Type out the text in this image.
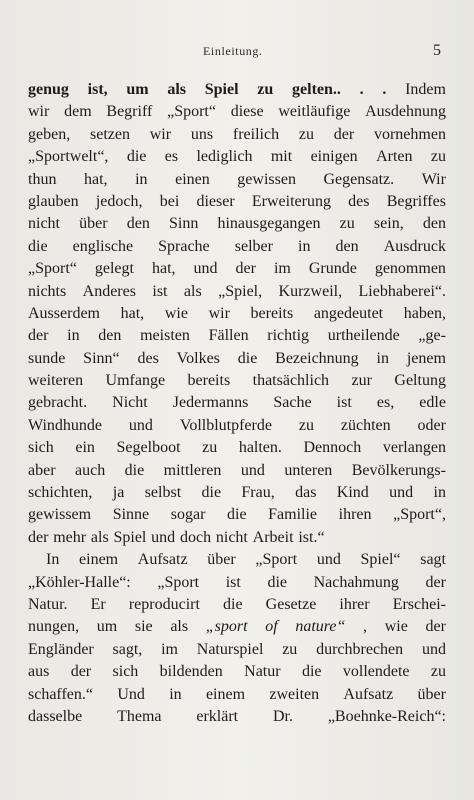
Einleitung.	5
genug ist, um als Spiel zu gelten.. . . Indem
wir dem Begriff „Sport“ diese weitläufige Ausdehnung
geben, setzen wir uns freilich zu der vornehmen
„Sportwelt“, die es lediglich mit einigen Arten zu
thun hat, in einen gewissen Gegensatz. Wir
glauben jedoch, bei dieser Erweiterung des Begriffes
nicht über den Sinn hinausgegangen zu sein, den
die englische Sprache selber in den Ausdruck
„Sport“ gelegt hat, und der im Grunde genommen
nichts Anderes ist als „Spiel, Kurzweil, Liebhaberei“.
Ausserdem hat, wie wir bereits angedeutet haben,
der in den meisten Fällen richtig urtheilende „ge-
sunde Sinn“ des Volkes die Bezeichnung in jenem
weiteren Umfange bereits thatsächlich zur Geltung
gebracht. Nicht Jedermanns Sache ist es, edle
Windhunde und Vollblutpferde zu züchten oder
sich ein Segelboot zu halten. Dennoch verlangen
aber auch die mittleren und unteren Bevölkerungs-
schichten, ja selbst die Frau, das Kind und in
gewissem Sinne sogar die Familie ihren „Sport“,
der mehr als Spiel und doch nicht Arbeit ist.“
In einem Aufsatz über „Sport und Spiel“ sagt
„Köhler-Halle“: „Sport ist die Nachahmung der
Natur. Er reproducirt die Gesetze ihrer Erschei-
nungen, um sie als „sport of nature“ , wie der
Engländer sagt, im Naturspiel zu durchbrechen und
aus der sich bildenden Natur die vollendete zu
schaffen.“ Und in einem zweiten Aufsatz über
dasselbe Thema erklärt Dr. „Boehnke-Reich“:
